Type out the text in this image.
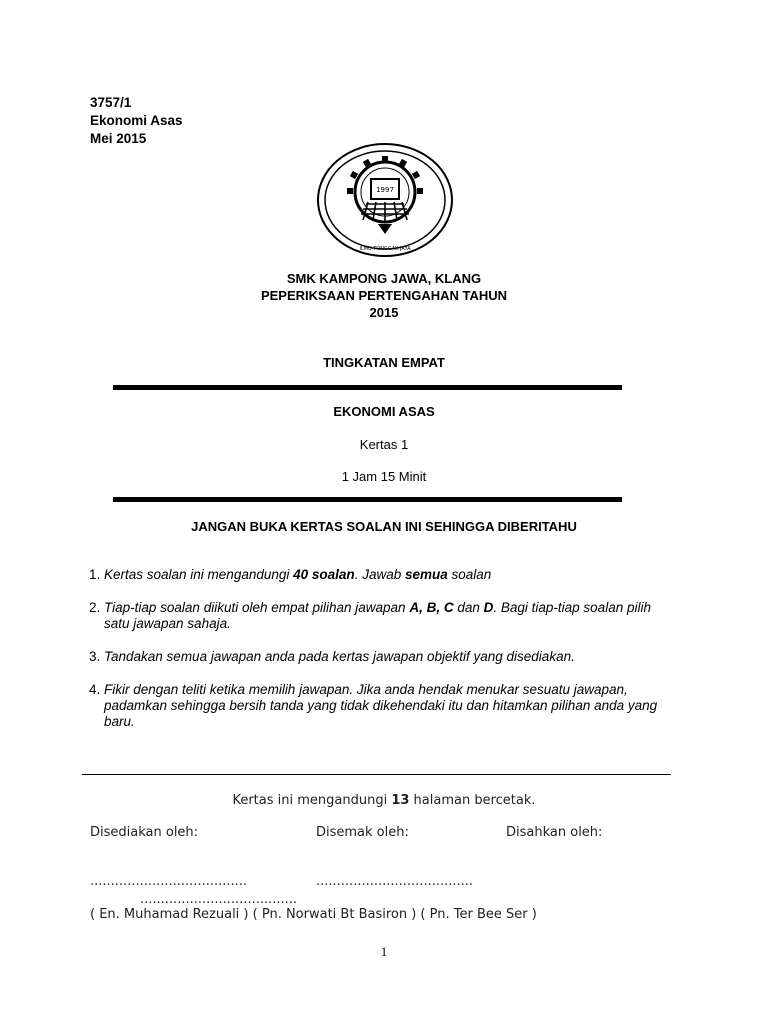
3757/1
Ekonomi Asas
Mei 2015
1997
ILMU TONGGAK JAYA
SMK KAMPONG JAWA, KLANG
PEPERIKSAAN PERTENGAHAN TAHUN
2015
TINGKATAN EMPAT
EKONOMI ASAS
Kertas 1
1 Jam 15 Minit
JANGAN BUKA KERTAS SOALAN INI SEHINGGA DIBERITAHU
1. Kertas soalan ini mengandungi 40 soalan. Jawab semua soalan
2. Tiap-tiap soalan diikuti oleh empat pilihan jawapan A, B, C dan D. Bagi tiap-tiap soalan pilih
satu jawapan sahaja.
3. Tandakan semua jawapan anda pada kertas jawapan objektif yang disediakan.
4. Fikir dengan teliti ketika memilih jawapan. Jika anda hendak menukar sesuatu jawapan,
padamkan sehingga bersih tanda yang tidak dikehendaki itu dan hitamkan pilihan anda yang
baru.
Kertas ini mengandungi 13 halaman bercetak.
Disediakan oleh:	Disemak oleh:	Disahkan oleh:
......................................	......................................
......................................
( En. Muhamad Rezuali ) ( Pn. Norwati Bt Basiron ) ( Pn. Ter Bee Ser )
1
